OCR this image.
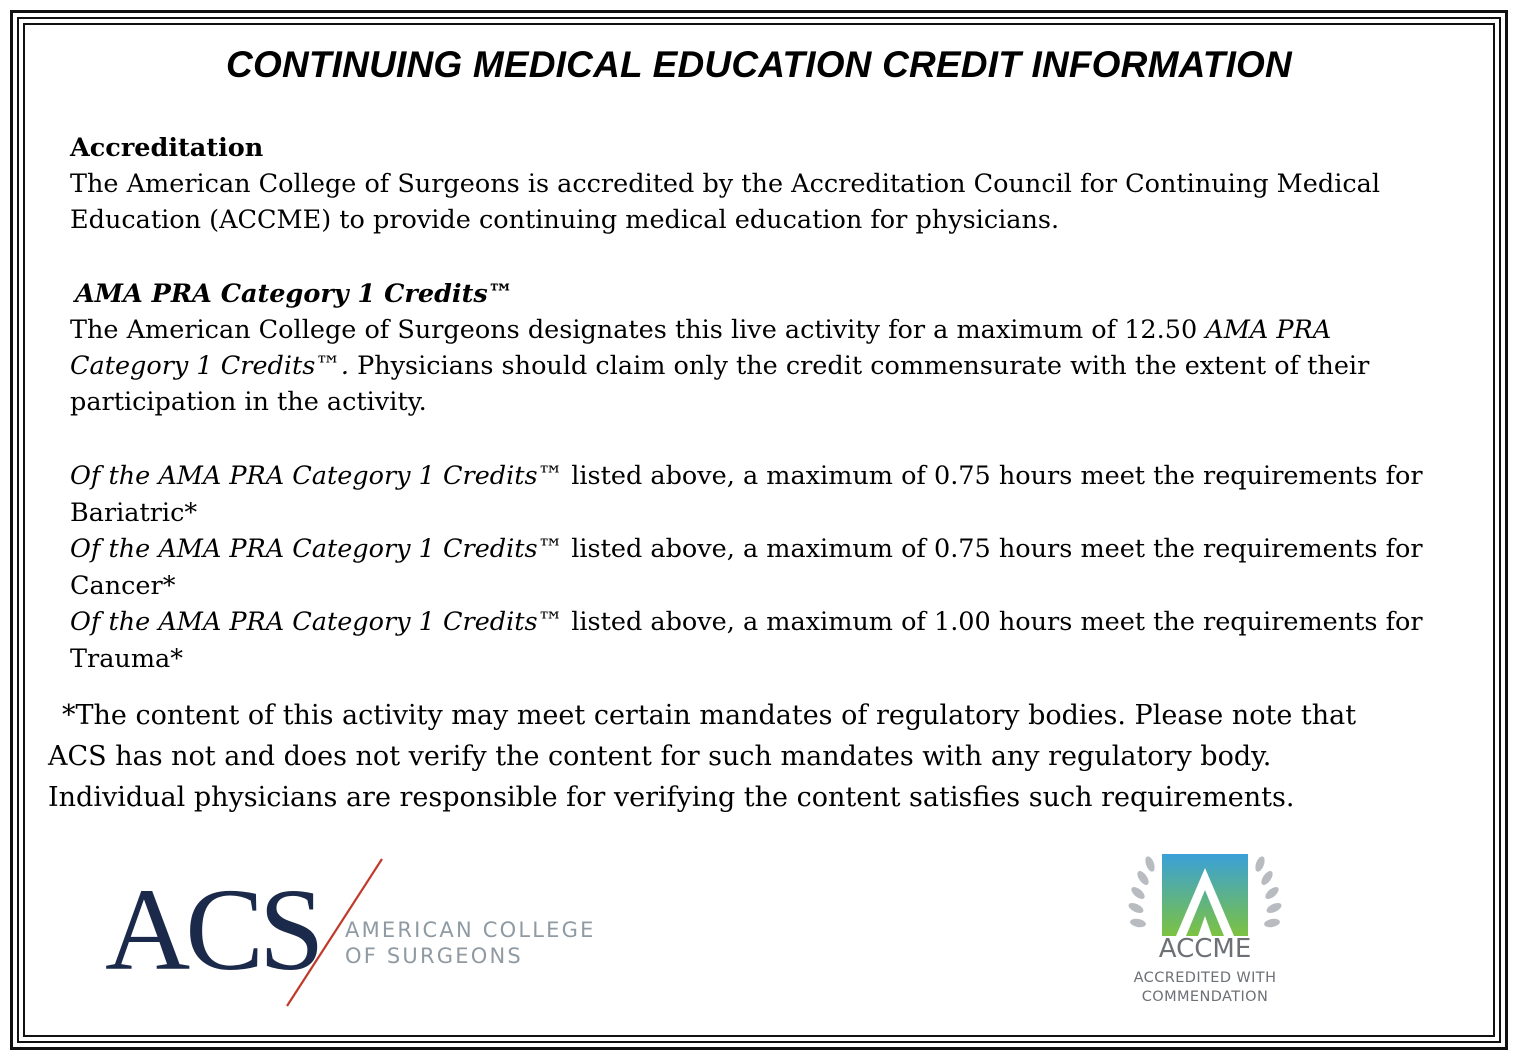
CONTINUING MEDICAL EDUCATION CREDIT INFORMATION

Accreditation

The American College of Surgeons is accredited by the Accreditation Council for Continuing Medical

Education (ACCME) to provide continuing medical education for physicians.

AMA PRA Category 1 Credits™

The American College of Surgeons designates this live activity for a maximum of 12.50 AMA PRA

Category 1 Credits™. Physicians should claim only the credit commensurate with the extent of their

participation in the activity.

Of the AMA PRA Category 1 Credits™ listed above, a maximum of 0.75 hours meet the requirements for

Bariatric*

Of the AMA PRA Category 1 Credits™ listed above, a maximum of 0.75 hours meet the requirements for

Cancer*

Of the AMA PRA Category 1 Credits™ listed above, a maximum of 1.00 hours meet the requirements for

Trauma*

*The content of this activity may meet certain mandates of regulatory bodies. Please note that

ACS has not and does not verify the content for such mandates with any regulatory body.

Individual physicians are responsible for verifying the content satisfies such requirements.

ACS AMERICAN COLLEGE
OF SURGEONS	ACCME
ACCREDITED WITH
COMMENDATION
